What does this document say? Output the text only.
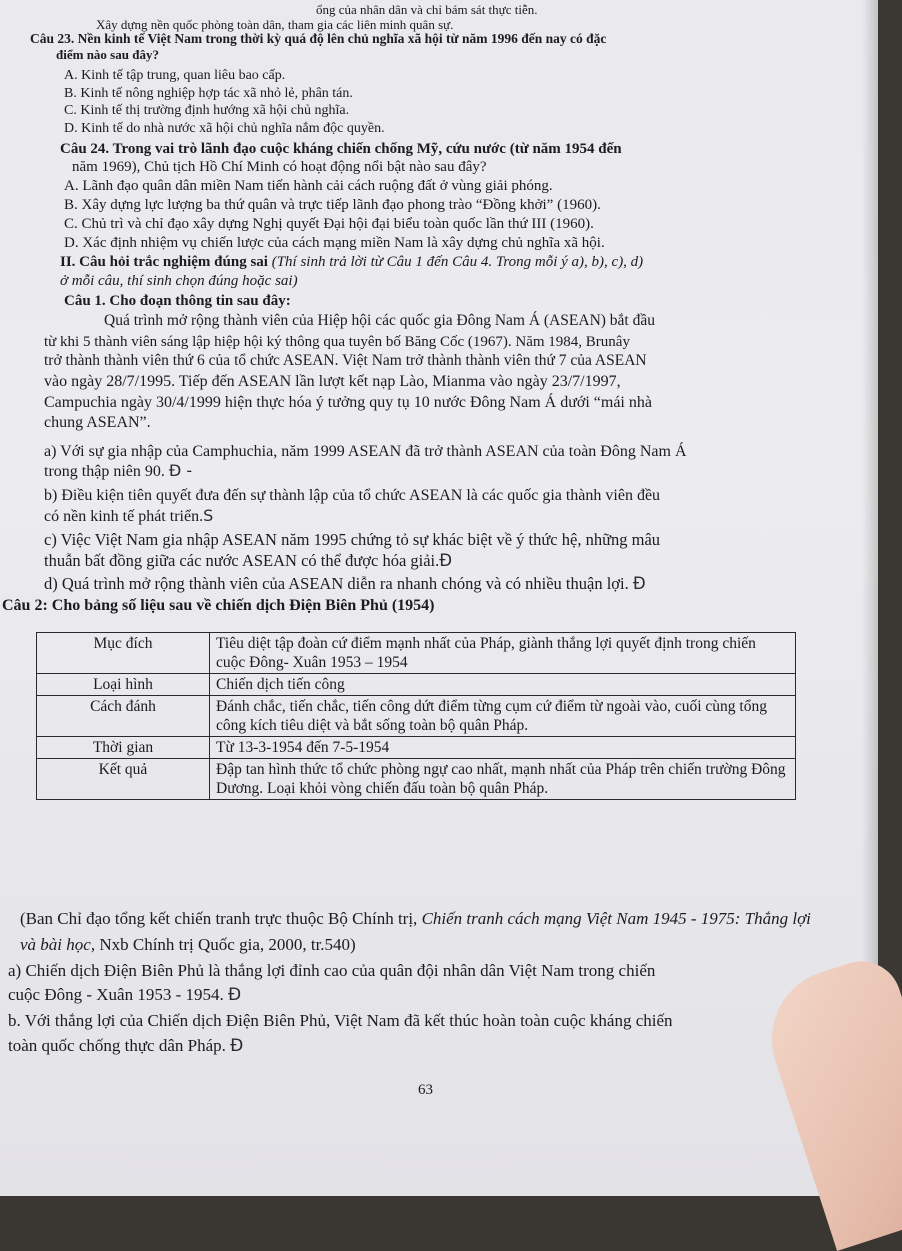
ổng của nhân dân và chỉ bám sát thực tiễn.
Xây dựng nền quốc phòng toàn dân, tham gia các liên minh quân sự.
Câu 23. Nền kinh tế Việt Nam trong thời kỳ quá độ lên chủ nghĩa xã hội từ năm 1996 đến nay có đặc
điểm nào sau đây?
A. Kinh tế tập trung, quan liêu bao cấp.
B. Kinh tế nông nghiệp hợp tác xã nhỏ lẻ, phân tán.
C. Kinh tế thị trường định hướng xã hội chủ nghĩa.
D. Kinh tế do nhà nước xã hội chủ nghĩa nắm độc quyền.
Câu 24. Trong vai trò lãnh đạo cuộc kháng chiến chống Mỹ, cứu nước (từ năm 1954 đến
năm 1969), Chủ tịch Hồ Chí Minh có hoạt động nổi bật nào sau đây?
A. Lãnh đạo quân dân miền Nam tiến hành cải cách ruộng đất ở vùng giải phóng.
B. Xây dựng lực lượng ba thứ quân và trực tiếp lãnh đạo phong trào “Đồng khởi” (1960).
C. Chủ trì và chỉ đạo xây dựng Nghị quyết Đại hội đại biểu toàn quốc lần thứ III (1960).
D. Xác định nhiệm vụ chiến lược của cách mạng miền Nam là xây dựng chủ nghĩa xã hội.
II. Câu hỏi trắc nghiệm đúng sai (Thí sinh trả lời từ Câu 1 đến Câu 4. Trong mỗi ý a), b), c), d)
ở mỗi câu, thí sinh chọn đúng hoặc sai)
Câu 1. Cho đoạn thông tin sau đây:
Quá trình mở rộng thành viên của Hiệp hội các quốc gia Đông Nam Á (ASEAN) bắt đầu
từ khi 5 thành viên sáng lập hiệp hội ký thông qua tuyên bố Băng Cốc (1967). Năm 1984, Brunây
trở thành thành viên thứ 6 của tổ chức ASEAN. Việt Nam trở thành thành viên thứ 7 của ASEAN
vào ngày 28/7/1995. Tiếp đến ASEAN lần lượt kết nạp Lào, Mianma vào ngày 23/7/1997,
Campuchia ngày 30/4/1999 hiện thực hóa ý tưởng quy tụ 10 nước Đông Nam Á dưới “mái nhà
chung ASEAN”.
a) Với sự gia nhập của Camphuchia, năm 1999 ASEAN đã trở thành ASEAN của toàn Đông Nam Á
trong thập niên 90. Đ -
b) Điều kiện tiên quyết đưa đến sự thành lập của tổ chức ASEAN là các quốc gia thành viên đều
có nền kinh tế phát triển.S
c) Việc Việt Nam gia nhập ASEAN năm 1995 chứng tỏ sự khác biệt về ý thức hệ, những mâu
thuẫn bất đồng giữa các nước ASEAN có thể được hóa giải.Đ
d) Quá trình mở rộng thành viên của ASEAN diễn ra nhanh chóng và có nhiều thuận lợi. Đ
Câu 2: Cho bảng số liệu sau về chiến dịch Điện Biên Phủ (1954)
Mục đích	Tiêu diệt tập đoàn cứ điểm mạnh nhất của Pháp, giành thắng lợi quyết định trong chiến cuộc Đông- Xuân 1953 – 1954
Loại hình	Chiến dịch tiến công
Cách đánh	Đánh chắc, tiến chắc, tiến công dứt điểm từng cụm cứ điểm từ ngoài vào, cuối cùng tổng công kích tiêu diệt và bắt sống toàn bộ quân Pháp.
Thời gian	Từ 13-3-1954 đến 7-5-1954
Kết quả	Đập tan hình thức tổ chức phòng ngự cao nhất, mạnh nhất của Pháp trên chiến trường Đông Dương. Loại khỏi vòng chiến đấu toàn bộ quân Pháp.
(Ban Chỉ đạo tổng kết chiến tranh trực thuộc Bộ Chính trị, Chiến tranh cách mạng Việt Nam 1945 - 1975: Thắng lợi và bài học, Nxb Chính trị Quốc gia, 2000, tr.540)
a) Chiến dịch Điện Biên Phủ là thắng lợi đỉnh cao của quân đội nhân dân Việt Nam trong chiến
cuộc Đông - Xuân 1953 - 1954. Đ
b. Với thắng lợi của Chiến dịch Điện Biên Phủ, Việt Nam đã kết thúc hoàn toàn cuộc kháng chiến
toàn quốc chống thực dân Pháp. Đ
63
